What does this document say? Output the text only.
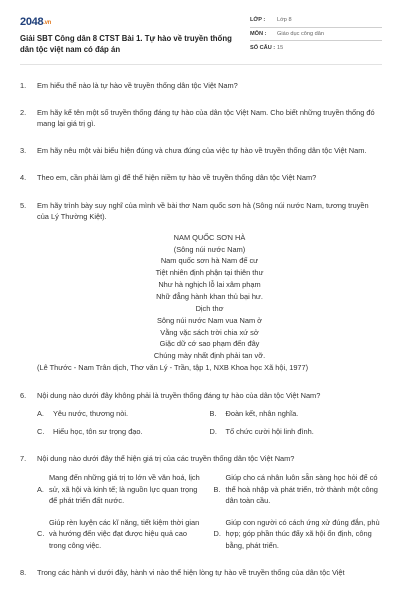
2048.vn
Giải SBT Công dân 8 CTST Bài 1. Tự hào về truyền thống dân tộc việt nam có đáp án
LỚP :	Lớp 8
MÔN :	Giáo dục công dân
SỐ CÂU : 15
1. Em hiểu thế nào là tự hào về truyền thống dân tộc Việt Nam?
2. Em hãy kể tên một số truyền thống đáng tự hào của dân tộc Việt Nam. Cho biết những truyền thống đó mang lại giá trị gì.
3. Em hãy nêu một vài biểu hiện đúng và chưa đúng của việc tự hào về truyền thống dân tộc Việt Nam.
4. Theo em, cần phải làm gì để thể hiện niềm tự hào về truyền thống dân tộc Việt Nam?
5. Em hãy trình bày suy nghĩ của mình về bài thơ Nam quốc sơn hà (Sông núi nước Nam, tương truyền của Lý Thường Kiệt).
NAM QUỐC SƠN HÀ
(Sông núi nước Nam)
Nam quốc sơn hà Nam đế cư
Tiệt nhiên định phận tại thiên thư
Như hà nghịch lỗ lai xâm phạm
Nhữ đẳng hành khan thủ bại hư.
Dịch thơ
Sông núi nước Nam vua Nam ở
Vằng vặc sách trời chia xứ sở
Giặc dữ cớ sao phạm đến đây
Chúng mày nhất định phải tan vỡ.
(Lê Thước - Nam Trân dịch, Thơ văn Lý - Trần, tập 1, NXB Khoa học Xã hội, 1977)
6. Nội dung nào dưới đây không phải là truyền thống đáng tự hào của dân tộc Việt Nam?
A.	Yêu nước, thương nòi.	B.	Đoàn kết, nhân nghĩa.
C.	Hiếu học, tôn sư trọng đạo.	D.	Tố chức cười hội linh đình.
7. Nội dung nào dưới đây thể hiện giá trị của các truyền thống dân tộc Việt Nam?
A.
Mang đến những giá trị to lớn về văn hoá, lịch sử, xã hội và kinh tế; là nguồn lực quan trọng để phát triển đất nước.
B.
Giúp cho cá nhân luôn sẵn sàng học hỏi để có thể hoà nhập và phát triển, trở thành một công dân toàn cầu.
C.
Giúp rèn luyện các kĩ năng, tiết kiệm thời gian và hướng đến việc đạt được hiệu quả cao trong công việc.
D.
Giúp con người có cách ứng xử đúng đắn, phù hợp; góp phần thúc đẩy xã hội ổn định, công bằng, phát triển.
8. Trong các hành vi dưới đây, hành vi nào thể hiện lòng tự hào về truyền thống của dân tộc Việt
